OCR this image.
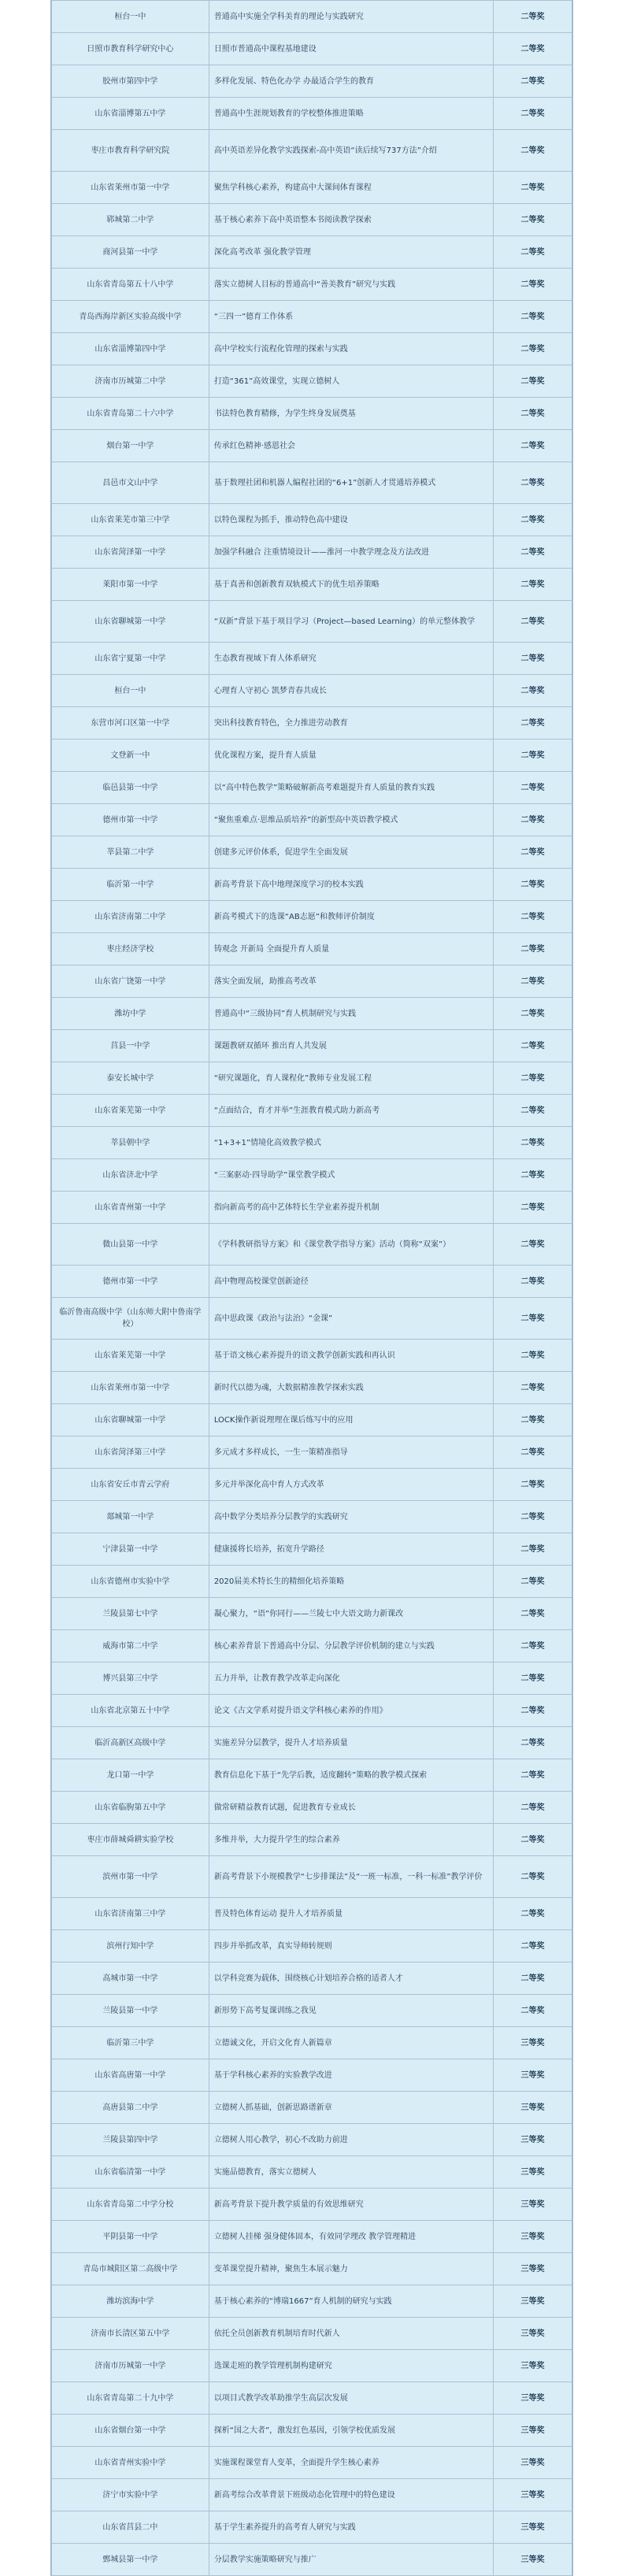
桓台一中	普通高中实施全学科美育的理论与实践研究	二等奖
日照市教育科学研究中心	日照市普通高中课程基地建设	二等奖
胶州市第四中学	多样化发展、特色化办学 办最适合学生的教育	二等奖
山东省淄博第五中学	普通高中生涯规划教育的学校整体推进策略	二等奖
枣庄市教育科学研究院	高中英语差异化教学实践探索-高中英语“读后续写737方法”介绍	二等奖
山东省莱州市第一中学	聚焦学科核心素养，构建高中大课间体育课程	二等奖
郓城第二中学	基于核心素养下高中英语整本书阅读教学探索	二等奖
商河县第一中学	深化高考改革 强化教学管理	二等奖
山东省青岛第五十八中学	落实立德树人目标的普通高中“善美教育”研究与实践	二等奖
青岛西海岸新区实验高级中学	“三四一”德育工作体系	二等奖
山东省淄博第四中学	高中学校实行流程化管理的探索与实践	二等奖
济南市历城第二中学	打造“361”高效课堂，实现立德树人	二等奖
山东省青岛第二十六中学	书法特色教育精修，为学生终身发展奠基	二等奖
烟台第一中学	传承红色精神·感恩社会	二等奖
昌邑市文山中学	基于数理社团和机器人编程社团的“6+1”创新人才贯通培养模式	二等奖
山东省莱芜市第三中学	以特色课程为抓手，推动特色高中建设	二等奖
山东省菏泽第一中学	加强学科融合 注重情境设计——淮河一中教学理念及方法改进	二等奖
莱阳市第一中学	基于真善和创新教育双轨模式下的优生培养策略	二等奖
山东省聊城第一中学	“双新”背景下基于项目学习（Project—based Learning）的单元整体教学	二等奖
山东省宁夏第一中学	生态教育视域下育人体系研究	二等奖
桓台一中	心理育人守初心 凯梦青春共成长	二等奖
东营市河口区第一中学	突出科技教育特色，全力推进劳动教育	二等奖
文登新一中	优化课程方案，提升育人质量	二等奖
临邑县第一中学	以“高中特色教学”策略破解新高考难题提升育人质量的教育实践	二等奖
德州市第一中学	“聚焦重难点·思维品质培养”的新型高中英语教学模式	二等奖
莘县第二中学	创建多元评价体系，促进学生全面发展	二等奖
临沂第一中学	新高考背景下高中地理深度学习的校本实践	二等奖
山东省济南第二中学	新高考模式下的选课“AB志愿”和教师评价制度	二等奖
枣庄经济学校	铸观念 开新局 全面提升育人质量	二等奖
山东省广饶第一中学	落实全面发展，助推高考改革	二等奖
潍坊中学	普通高中“三级协同”育人机制研究与实践	二等奖
莒县一中学	课题教研双循环 推出育人共发展	二等奖
泰安长城中学	“研究课题化，育人课程化”教师专业发展工程	二等奖
山东省莱芜第一中学	“点面结合，育才并举”生涯教育模式助力新高考	二等奖
莘县朝中学	“1+3+1”情境化高效教学模式	二等奖
山东省济北中学	“三案驱动·四导助学”课堂教学模式	二等奖
山东省青州第一中学	指向新高考的高中艺体特长生学业素养提升机制	二等奖
微山县第一中学	《学科教研指导方案》和《课堂教学指导方案》活动（简称“双案”）	二等奖
德州市第一中学	高中物理高校课堂创新途径	二等奖
临沂鲁南高级中学（山东师大附中鲁南学校）	高中思政课《政治与法治》“金课”	二等奖
山东省莱芜第一中学	基于语文核心素养提升的语文教学创新实践和再认识	二等奖
山东省莱州市第一中学	新时代以德为魂，大数据精准教学探索实践	二等奖
山东省聊城第一中学	LOCK操作新说理理在课后练写中的应用	二等奖
山东省菏泽第三中学	多元成才多样成长，一生一策精准指导	二等奖
山东省安丘市青云学府	多元并举深化高中育人方式改革	二等奖
郯城第一中学	高中数学分类培养分层教学的实践研究	二等奖
宁津县第一中学	健康援将长培养，拓宽升学路径	二等奖
山东省德州市实验中学	2020届美术特长生的精细化培养策略	二等奖
兰陵县第七中学	凝心聚力，“语”你同行——兰陵七中大语文助力新课改	二等奖
威海市第二中学	核心素养背景下普通高中分层、分层教学评价机制的建立与实践	二等奖
博兴县第三中学	五力并举，让教育教学改革走向深化	二等奖
山东省北京第五十中学	论文《古文学系对提升语文学科核心素养的作用》	二等奖
临沂高新区高级中学	实施差异分层教学，提升人才培养质量	二等奖
龙口第一中学	教育信息化下基于“先学后教，适度翻转”策略的教学模式探索	二等奖
山东省临朐第五中学	做常研精益教育试题，促进教育专业成长	二等奖
枣庄市薛城舜耕实验学校	多维并举，大力提升学生的综合素养	二等奖
滨州市第一中学	新高考背景下小规模教学“七步排课法”及“一班一标准，一科一标准”教学评价	二等奖
山东省济南第三中学	普及特色体育运动 提升人才培养质量	二等奖
滨州行知中学	四步并举抓改革，真实导师转规则	二等奖
高城市第一中学	以学科竞赛为载体，围绕核心计划培养合格的适者人才	二等奖
兰陵县第一中学	新形势下高考复课训练之我见	二等奖
临沂第三中学	立德诚文化，开启文化育人新篇章	三等奖
山东省高唐第一中学	基于学科核心素养的实验教学改进	三等奖
高唐县第二中学	立德树人抓基础，创新思路谱新章	三等奖
兰陵县第四中学	立德树人用心教学，初心不改助力前进	三等奖
山东省临清第一中学	实施品德教育，落实立德树人	三等奖
山东省青岛第二中学分校	新高考背景下提升教学质量的有效思维研究	三等奖
平阴县第一中学	立德树人挂梯 强身健体固本，有效同学理改 教学管理精进	三等奖
青岛市城阳区第二高级中学	变革课堂提升精神，聚焦生本展示魅力	三等奖
潍坊滨海中学	基于核心素养的“博瑞1667”育人机制的研究与实践	三等奖
济南市长清区第五中学	依托全员创新教育机制培育时代新人	三等奖
济南市历城第一中学	选课走班的教学管理机制构建研究	三等奖
山东省青岛第二十九中学	以项目式教学改革助推学生高层次发展	三等奖
山东省烟台第一中学	探析“国之大者”，激发红色基因，引领学校优质发展	三等奖
山东省青州实验中学	实施课程课堂育人变革，全面提升学生核心素养	三等奖
济宁市实验中学	新高考综合改革背景下班级动态化管理中的特色建设	三等奖
山东省莒县二中	基于学生素养提升的高考育人研究与实践	三等奖
鄄城县第一中学	分层教学实施策略研究与推广	三等奖
